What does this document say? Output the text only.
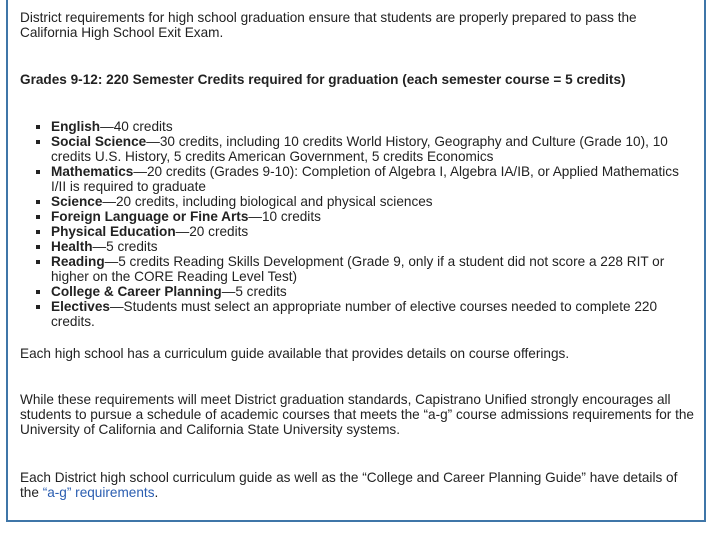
District requirements for high school graduation ensure that students are properly prepared to pass the California High School Exit Exam.

Grades 9-12: 220 Semester Credits required for graduation (each semester course = 5 credits)

English—40 credits
Social Science—30 credits, including 10 credits World History, Geography and Culture (Grade 10), 10 credits U.S. History, 5 credits American Government, 5 credits Economics
Mathematics—20 credits (Grades 9-10): Completion of Algebra I, Algebra IA/IB, or Applied Mathematics I/II is required to graduate
Science—20 credits, including biological and physical sciences
Foreign Language or Fine Arts—10 credits
Physical Education—20 credits
Health—5 credits
Reading—5 credits Reading Skills Development (Grade 9, only if a student did not score a 228 RIT or higher on the CORE Reading Level Test)
College & Career Planning—5 credits
Electives—Students must select an appropriate number of elective courses needed to complete 220 credits.

Each high school has a curriculum guide available that provides details on course offerings.

While these requirements will meet District graduation standards, Capistrano Unified strongly encourages all students to pursue a schedule of academic courses that meets the “a-g” course admissions requirements for the University of California and California State University systems.

Each District high school curriculum guide as well as the “College and Career Planning Guide” have details of the “a-g” requirements.
